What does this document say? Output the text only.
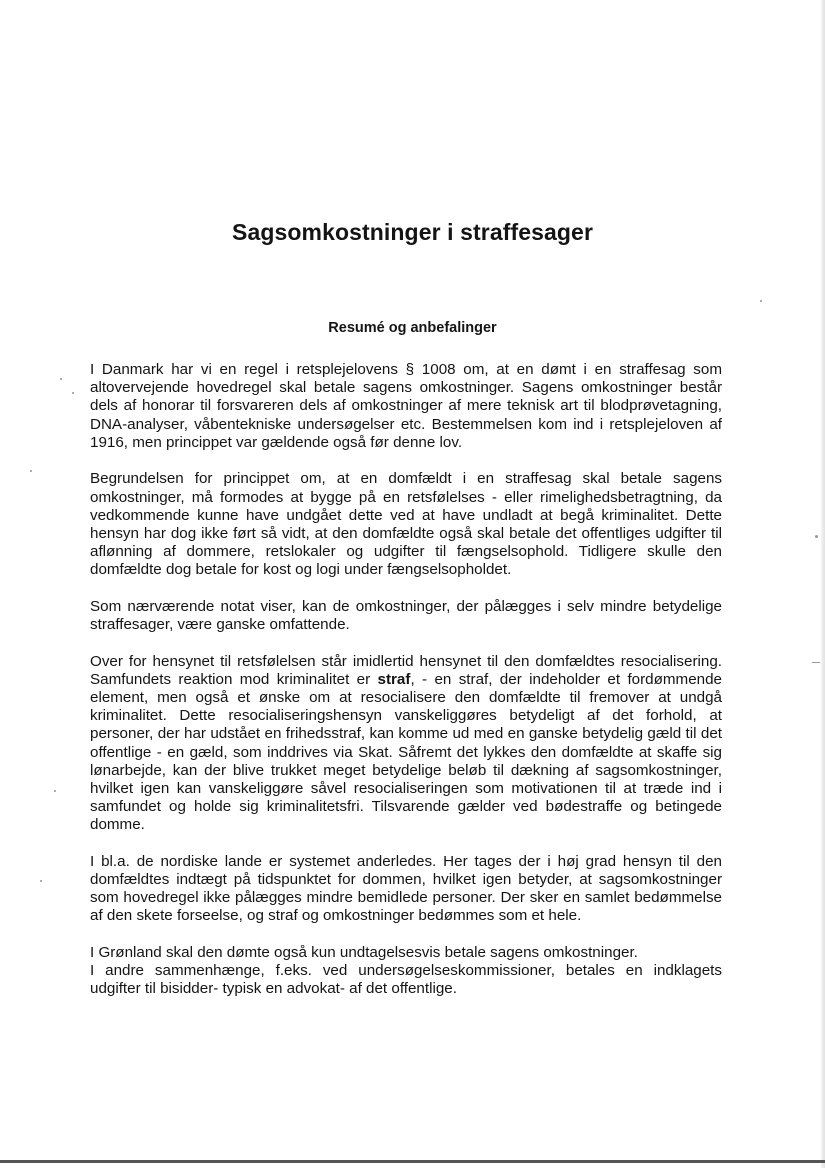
Sagsomkostninger i straffesager
Resumé og anbefalinger

I Danmark har vi en regel i retsplejelovens § 1008 om, at en dømt i en straffesag som altovervejende hovedregel skal betale sagens omkostninger. Sagens omkostninger består dels af honorar til forsvareren dels af omkostninger af mere teknisk art til blodprøvetagning, DNA-analyser, våbentekniske undersøgelser etc. Bestemmelsen kom ind i retsplejeloven af 1916, men princippet var gældende også før denne lov.

Begrundelsen for princippet om, at en domfældt i en straffesag skal betale sagens omkostninger, må formodes at bygge på en retsfølelses - eller rimelighedsbetragtning, da vedkommende kunne have undgået dette ved at have undladt at begå kriminalitet. Dette hensyn har dog ikke ført så vidt, at den domfældte også skal betale det offentliges udgifter til aflønning af dommere, retslokaler og udgifter til fængselsophold. Tidligere skulle den domfældte dog betale for kost og logi under fængselsopholdet.

Som nærværende notat viser, kan de omkostninger, der pålægges i selv mindre betydelige straffesager, være ganske omfattende.

Over for hensynet til retsfølelsen står imidlertid hensynet til den domfældtes resocialisering. Samfundets reaktion mod kriminalitet er straf, - en straf, der indeholder et fordømmende element, men også et ønske om at resocialisere den domfældte til fremover at undgå kriminalitet. Dette resocialiseringshensyn vanskeliggøres betydeligt af det forhold, at personer, der har udstået en frihedsstraf, kan komme ud med en ganske betydelig gæld til det offentlige - en gæld, som inddrives via Skat. Såfremt det lykkes den domfældte at skaffe sig lønarbejde, kan der blive trukket meget betydelige beløb til dækning af sagsomkostninger, hvilket igen kan vanskeliggøre såvel resocialiseringen som motivationen til at træde ind i samfundet og holde sig kriminalitetsfri. Tilsvarende gælder ved bødestraffe og betingede domme.

I bl.a. de nordiske lande er systemet anderledes. Her tages der i høj grad hensyn til den domfældtes indtægt på tidspunktet for dommen, hvilket igen betyder, at sagsomkostninger som hovedregel ikke pålægges mindre bemidlede personer. Der sker en samlet bedømmelse af den skete forseelse, og straf og omkostninger bedømmes som et hele.

I Grønland skal den dømte også kun undtagelsesvis betale sagens omkostninger.

I andre sammenhænge, f.eks. ved undersøgelseskommissioner, betales en indklagets udgifter til bisidder- typisk en advokat- af det offentlige.
